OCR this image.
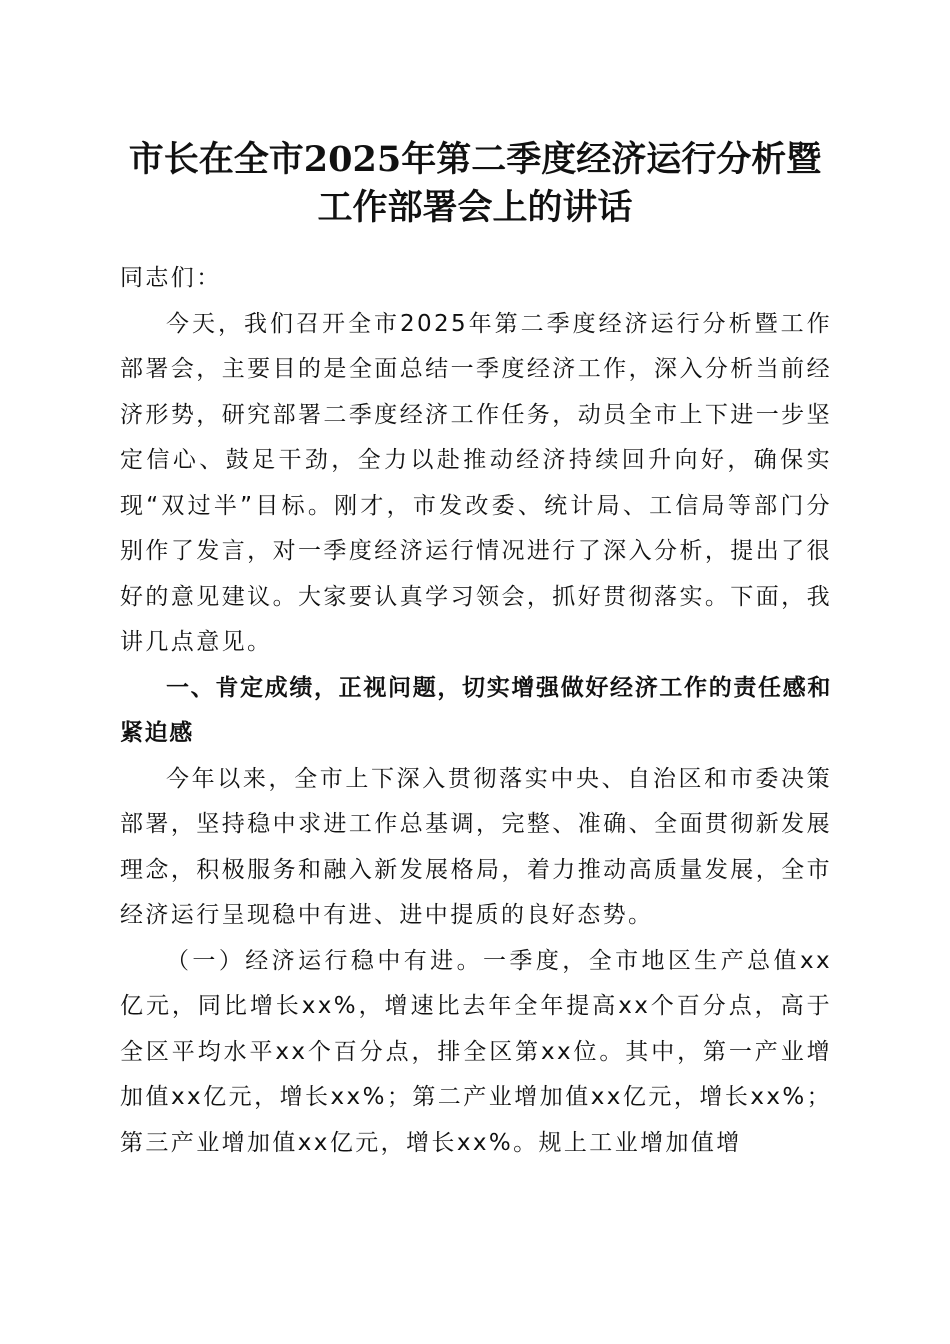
市长在全市2025年第二季度经济运行分析暨
工作部署会上的讲话

同志们：

今天，我们召开全市2025年第二季度经济运行分析暨工作部署会，主要目的是全面总结一季度经济工作，深入分析当前经济形势，研究部署二季度经济工作任务，动员全市上下进一步坚定信心、鼓足干劲，全力以赴推动经济持续回升向好，确保实现“双过半”目标。刚才，市发改委、统计局、工信局等部门分别作了发言，对一季度经济运行情况进行了深入分析，提出了很好的意见建议。大家要认真学习领会，抓好贯彻落实。下面，我讲几点意见。

一、肯定成绩，正视问题，切实增强做好经济工作的责任感和紧迫感

今年以来，全市上下深入贯彻落实中央、自治区和市委决策部署，坚持稳中求进工作总基调，完整、准确、全面贯彻新发展理念，积极服务和融入新发展格局，着力推动高质量发展，全市经济运行呈现稳中有进、进中提质的良好态势。

（一）经济运行稳中有进。一季度，全市地区生产总值xx亿元，同比增长xx%，增速比去年全年提高xx个百分点，高于全区平均水平xx个百分点，排全区第xx位。其中，第一产业增加值xx亿元，增长xx%；第二产业增加值xx亿元，增长xx%；第三产业增加值xx亿元，增长xx%。规上工业增加值增
